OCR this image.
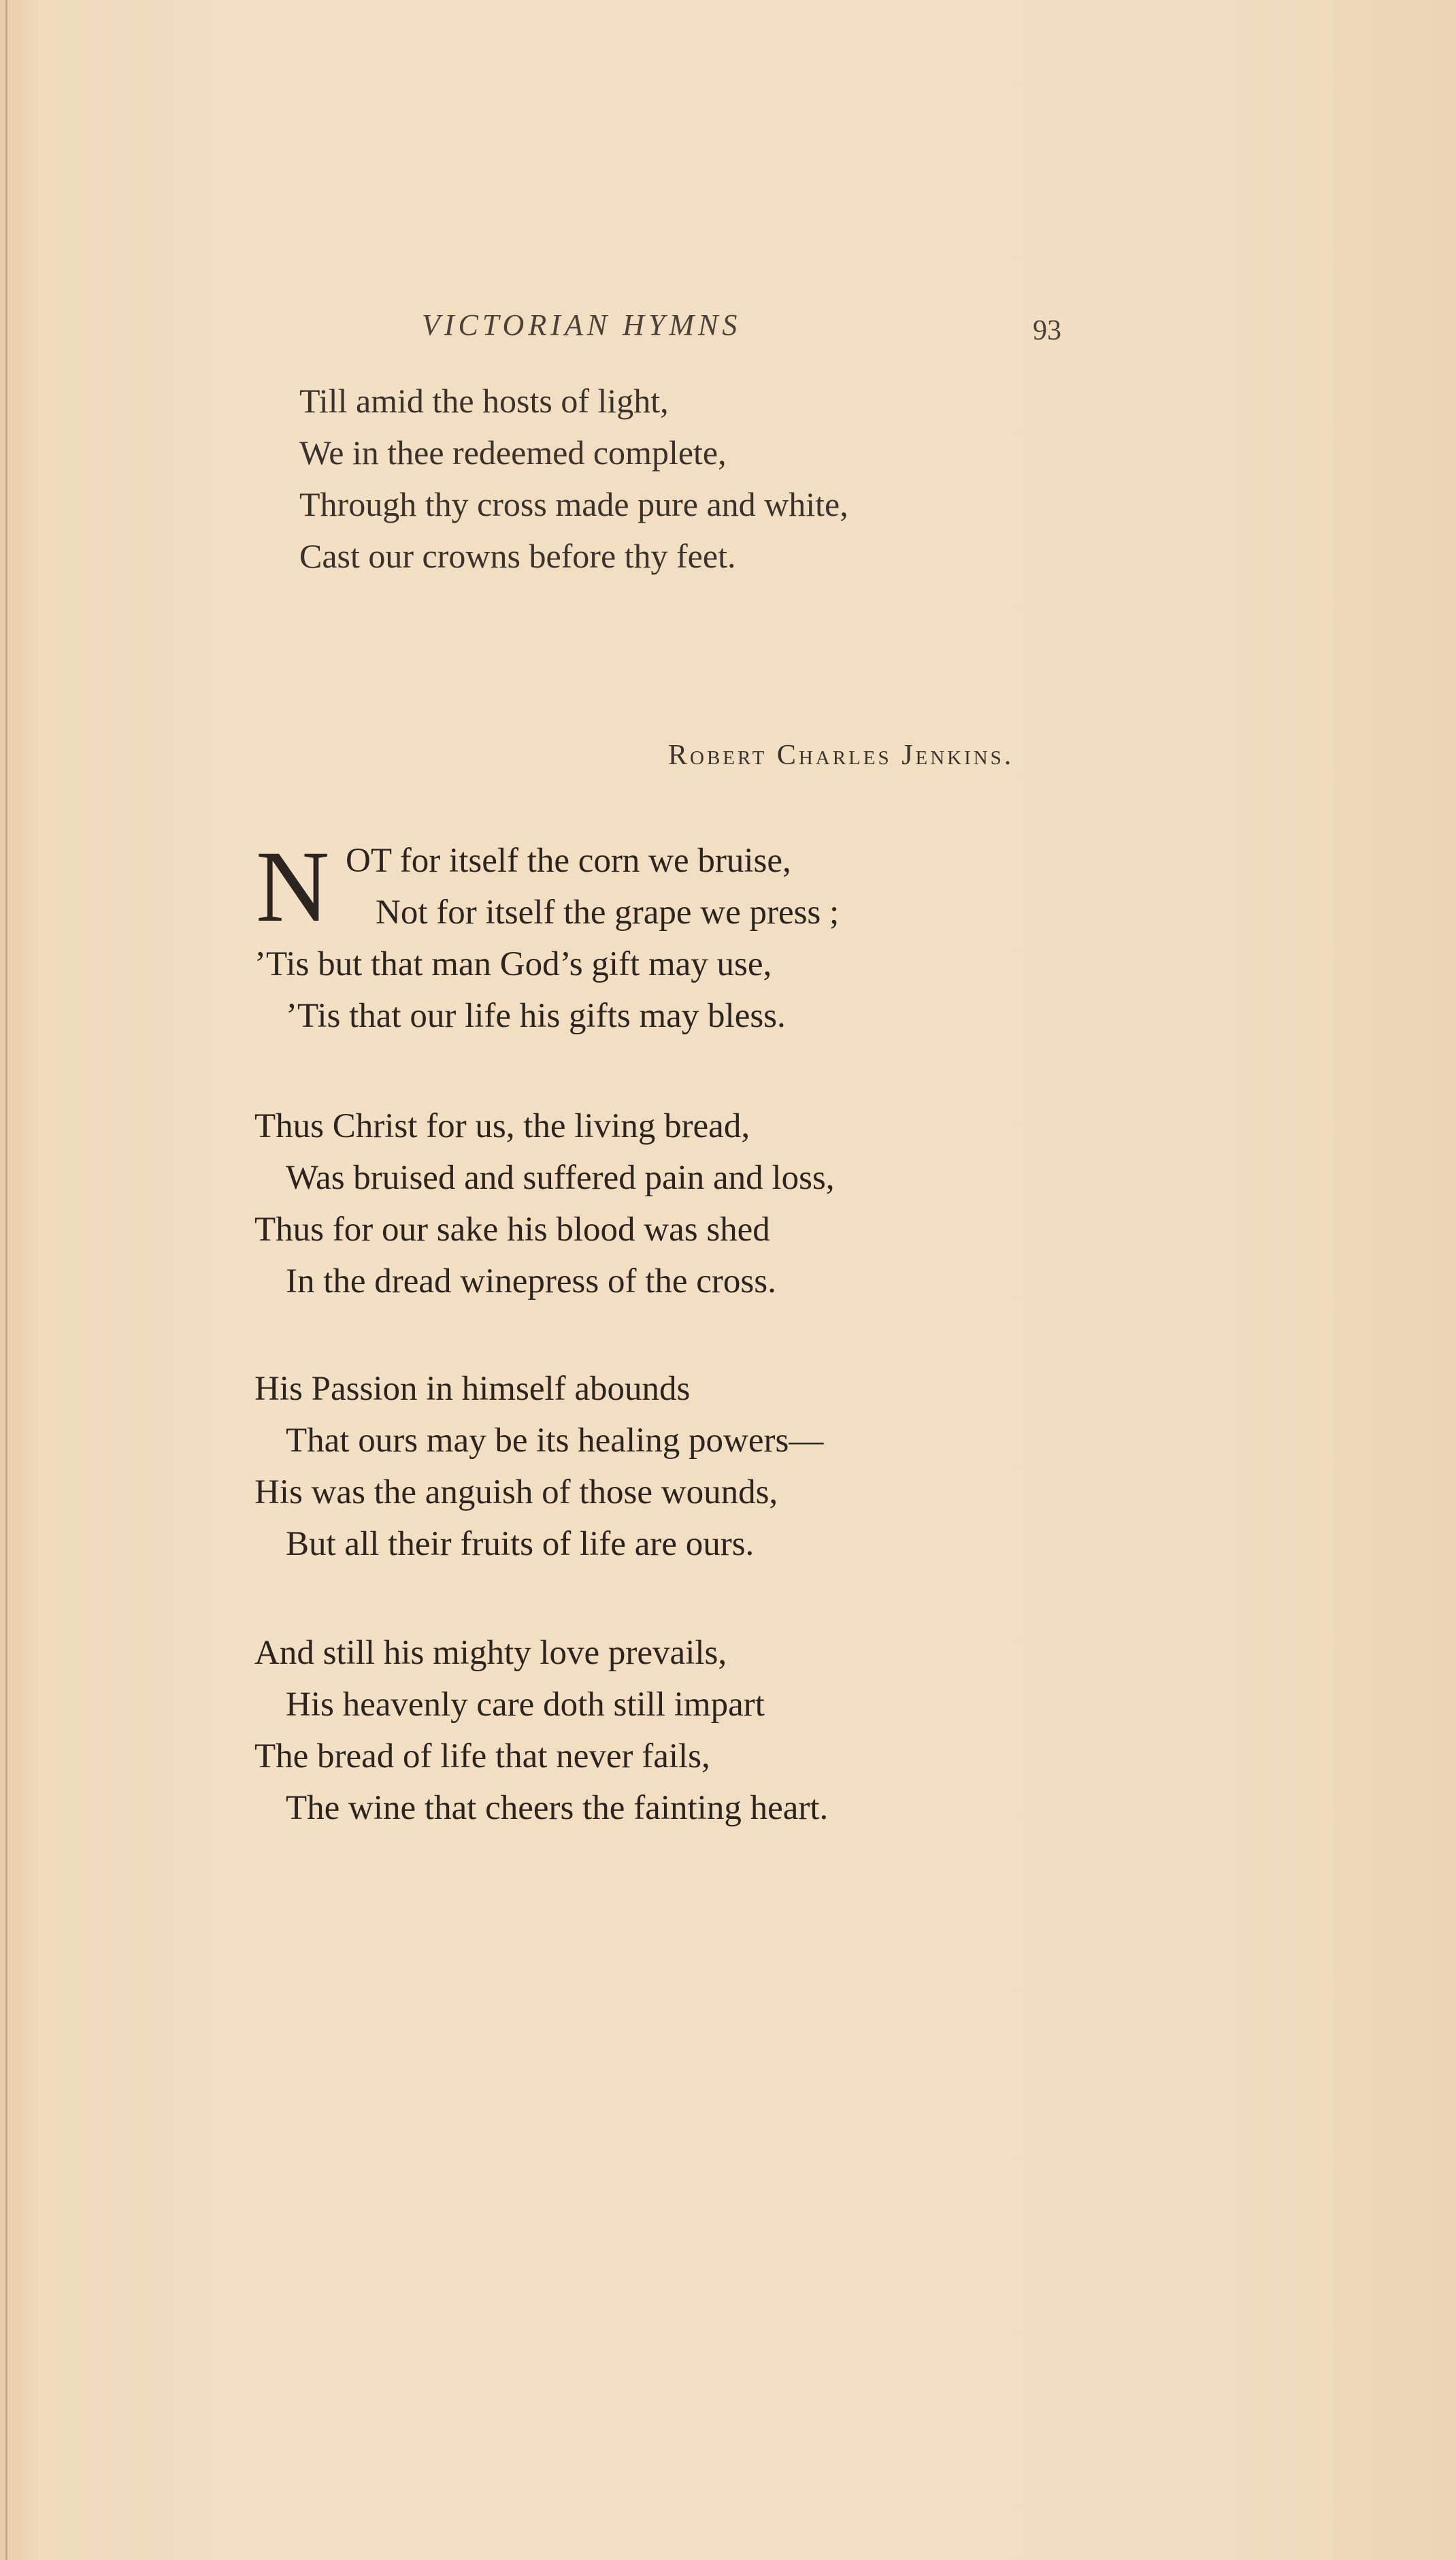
VICTORIAN HYMNS	93
Till amid the hosts of light,
We in thee redeemed complete,
Through thy cross made pure and white,
Cast our crowns before thy feet.
Robert Charles Jenkins.
N OT for itself the corn we bruise,
Not for itself the grape we press ;
’Tis but that man God’s gift may use,
’Tis that our life his gifts may bless.
Thus Christ for us, the living bread,
Was bruised and suffered pain and loss,
Thus for our sake his blood was shed
In the dread winepress of the cross.
His Passion in himself abounds
That ours may be its healing powers—
His was the anguish of those wounds,
But all their fruits of life are ours.
And still his mighty love prevails,
His heavenly care doth still impart
The bread of life that never fails,
The wine that cheers the fainting heart.
